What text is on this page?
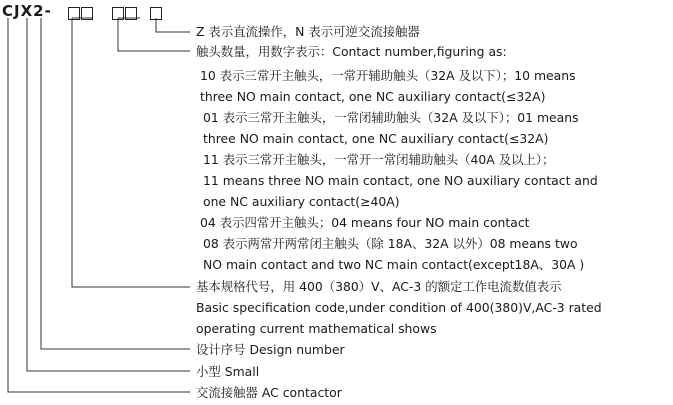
CJX2-
Z 表示直流操作，N 表示可逆交流接触器
触头数量，用数字表示：Contact number,figuring as:
10 表示三常开主触头，一常开辅助触头（32A 及以下）；10 means
three NO main contact, one NC auxiliary contact(≤32A)
01 表示三常开主触头，一常闭辅助触头（32A 及以下）；01 means
three NO main contact, one NC auxiliary contact(≤32A)
11 表示三常开主触头，一常开一常闭辅助触头（40A 及以上）；
11 means three NO main contact, one NO auxiliary contact and
one NC auxiliary contact(≥40A)
04 表示四常开主触头；04 means four NO main contact
08 表示两常开两常闭主触头（除 18A、32A 以外）08 means two
NO main contact and two NC main contact(except18A、30A )
基本规格代号，用 400（380）V、AC-3 的额定工作电流数值表示
Basic specification code,under condition of 400(380)V,AC-3 rated
operating current mathematical shows
设计序号 Design number
小型 Small
交流接触器 AC contactor
